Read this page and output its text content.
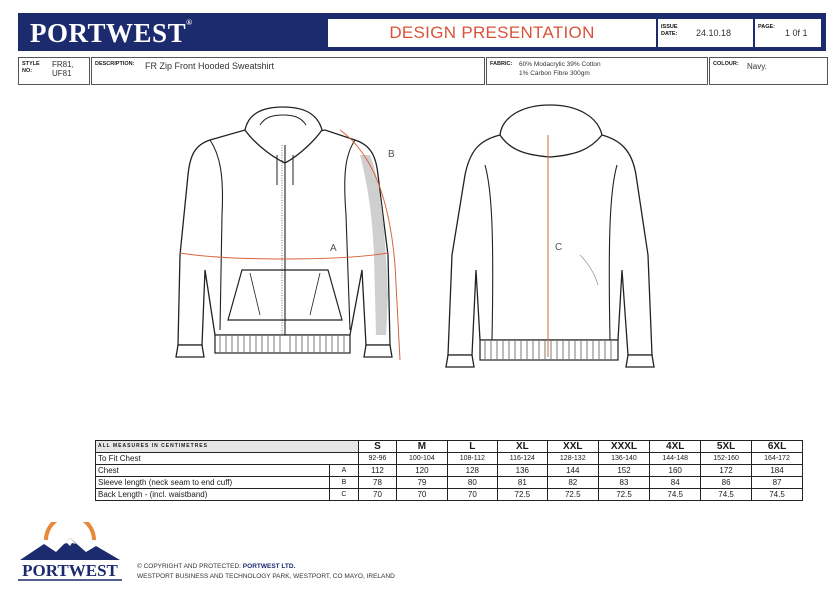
PORTWEST®
DESIGN PRESENTATION	ISSUE
DATE: 24.10.18
PAGE:
1 0f 1
STYLE
NO:
FR81,
UF81
DESCRIPTION: FR Zip Front Hooded Sweatshirt	FABRIC: 60% Modacrylic 39% Cotton
1% Carbon Fibre 300gm
COLOUR: Navy.
A
B
C
ALL MEASURES IN CENTIMETRES		S	M	L	XL	XXL	XXXL	4XL	5XL	6XL
To Fit Chest		92-96	100-104	108-112	116-124	128-132	136-140	144-148	152-160	164-172
Chest	A	112	120	128	136	144	152	160	172	184
Sleeve length (neck seam to end cuff)	B	78	79	80	81	82	83	84	86	87
Back Length - (incl. waistband)	C	70	70	70	72.5	72.5	72.5	74.5	74.5	74.5
PORTWEST	© COPYRIGHT AND PROTECTED: PORTWEST LTD.
WESTPORT BUSINESS AND TECHNOLOGY PARK, WESTPORT, CO MAYO, IRELAND
